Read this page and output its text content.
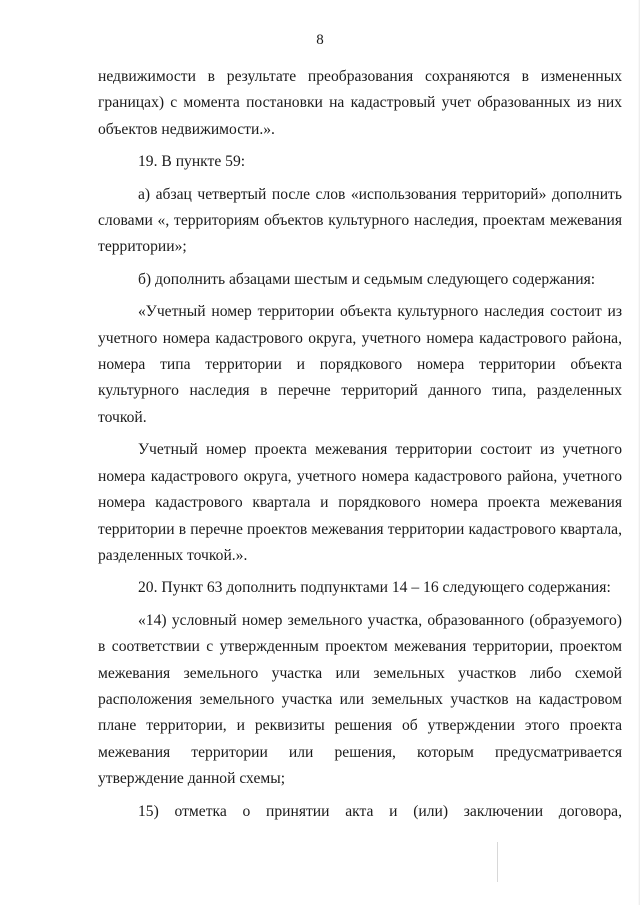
8

недвижимости в результате преобразования сохраняются в измененных границах) с момента постановки на кадастровый учет образованных из них объектов недвижимости.».

19. В пункте 59:

а) абзац четвертый после слов «использования территорий» дополнить словами «, территориям объектов культурного наследия, проектам межевания территории»;

б) дополнить абзацами шестым и седьмым следующего содержания:

«Учетный номер территории объекта культурного наследия состоит из учетного номера кадастрового округа, учетного номера кадастрового района, номера типа территории и порядкового номера территории объекта культурного наследия в перечне территорий данного типа, разделенных точкой.

Учетный номер проекта межевания территории состоит из учетного номера кадастрового округа, учетного номера кадастрового района, учетного номера кадастрового квартала и порядкового номера проекта межевания территории в перечне проектов межевания территории кадастрового квартала, разделенных точкой.».

20. Пункт 63 дополнить подпунктами 14 – 16 следующего содержания:

«14) условный номер земельного участка, образованного (образуемого) в соответствии с утвержденным проектом межевания территории, проектом межевания земельного участка или земельных участков либо схемой расположения земельного участка или земельных участков на кадастровом плане территории, и реквизиты решения об утверждении этого проекта межевания территории или решения, которым предусматривается утверждение данной схемы;

15) отметка о принятии акта и (или) заключении договора,
